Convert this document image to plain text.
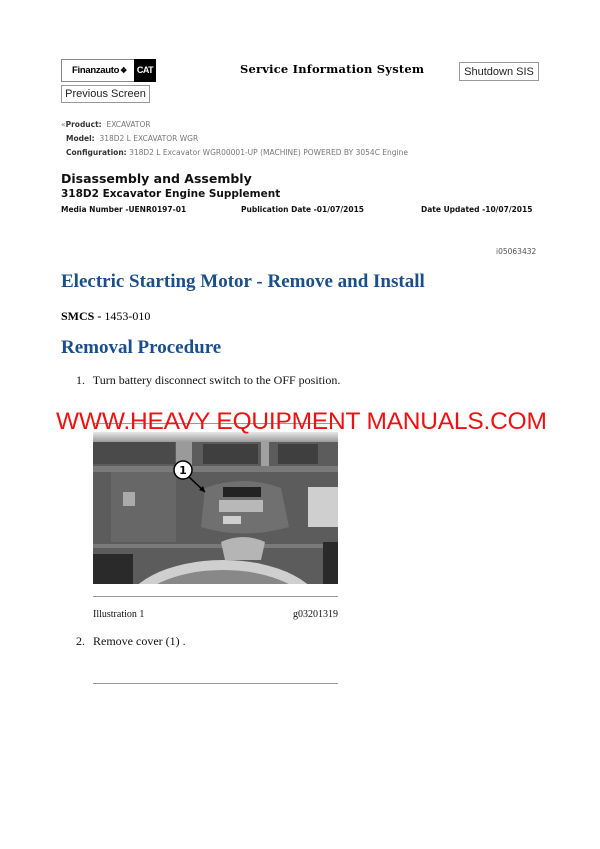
Finanzauto ❖	CAT
Previous Screen
Service Information System	Shutdown SIS
«Product: EXCAVATOR
Model: 318D2 L EXCAVATOR WGR
Configuration: 318D2 L Excavator WGR00001-UP (MACHINE) POWERED BY 3054C Engine
Disassembly and Assembly
318D2 Excavator Engine Supplement
Media Number -UENR0197-01	Publication Date -01/07/2015	Date Updated -10/07/2015
i05063432
Electric Starting Motor - Remove and Install
SMCS - 1453-010
Removal Procedure
1. Turn battery disconnect switch to the OFF position.
WWW.HEAVY EQUIPMENT MANUALS.COM
1
Illustration 1	g03201319
2. Remove cover (1) .
